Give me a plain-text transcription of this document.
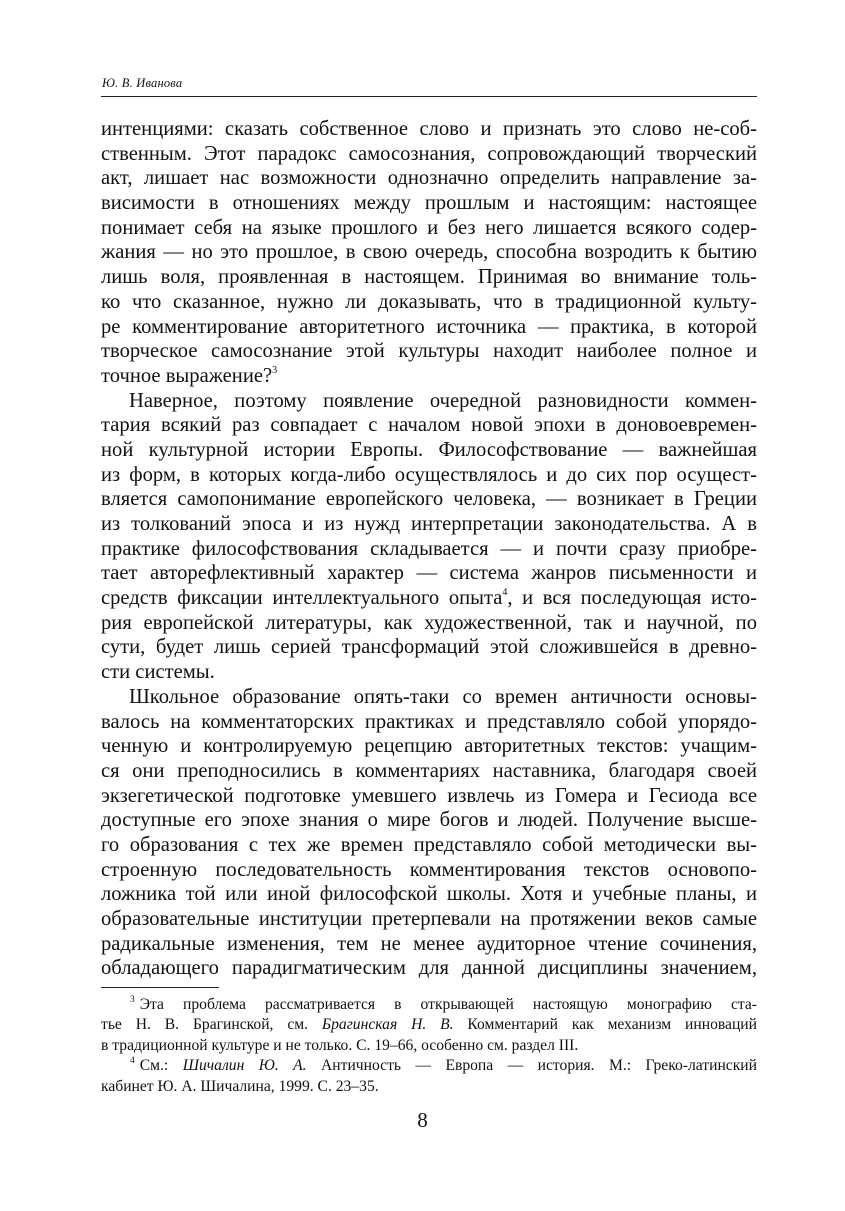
Ю. В. Иванова
интенциями: сказать собственное слово и признать это слово не-соб-
ственным. Этот парадокс самосознания, сопровождающий творческий
акт, лишает нас возможности однозначно определить направление за-
висимости в отношениях между прошлым и настоящим: настоящее
понимает себя на языке прошлого и без него лишается всякого содер-
жания — но это прошлое, в свою очередь, способна возродить к бытию
лишь воля, проявленная в настоящем. Принимая во внимание толь-
ко что сказанное, нужно ли доказывать, что в традиционной культу-
ре комментирование авторитетного источника — практика, в которой
творческое самосознание этой культуры находит наиболее полное и
точное выражение?$^3$
Наверное, поэтому появление очередной разновидности коммен-
тария всякий раз совпадает с началом новой эпохи в доновоевремен-
ной культурной истории Европы. Философствование — важнейшая
из форм, в которых когда-либо осуществлялось и до сих пор осущест-
вляется самопонимание европейского человека, — возникает в Греции
из толкований эпоса и из нужд интерпретации законодательства. А в
практике философствования складывается — и почти сразу приобре-
тает авторефлективный характер — система жанров письменности и
средств фиксации интеллектуального опыта$^4$, и вся последующая исто-
рия европейской литературы, как художественной, так и научной, по
сути, будет лишь серией трансформаций этой сложившейся в древно-
сти системы.
Школьное образование опять-таки со времен античности основы-
валось на комментаторских практиках и представляло собой упорядо-
ченную и контролируемую рецепцию авторитетных текстов: учащим-
ся они преподносились в комментариях наставника, благодаря своей
экзегетической подготовке умевшего извлечь из Гомера и Гесиода все
доступные его эпохе знания о мире богов и людей. Получение высше-
го образования с тех же времен представляло собой методически вы-
строенную последовательность комментирования текстов основопо-
ложника той или иной философской школы. Хотя и учебные планы, и
образовательные институции претерпевали на протяжении веков самые
радикальные изменения, тем не менее аудиторное чтение сочинения,
обладающего парадигматическим для данной дисциплины значением,
$^3$ Эта проблема рассматривается в открывающей настоящую монографию ста-
тье Н. В. Брагинской, см. Брагинская Н. В. Комментарий как механизм инноваций
в традиционной культуре и не только. С. 19–66, особенно см. раздел III.
$^4$ См.: Шичалин Ю. А. Античность — Европа — история. М.: Греко-латинский
кабинет Ю. А. Шичалина, 1999. С. 23–35.
8
